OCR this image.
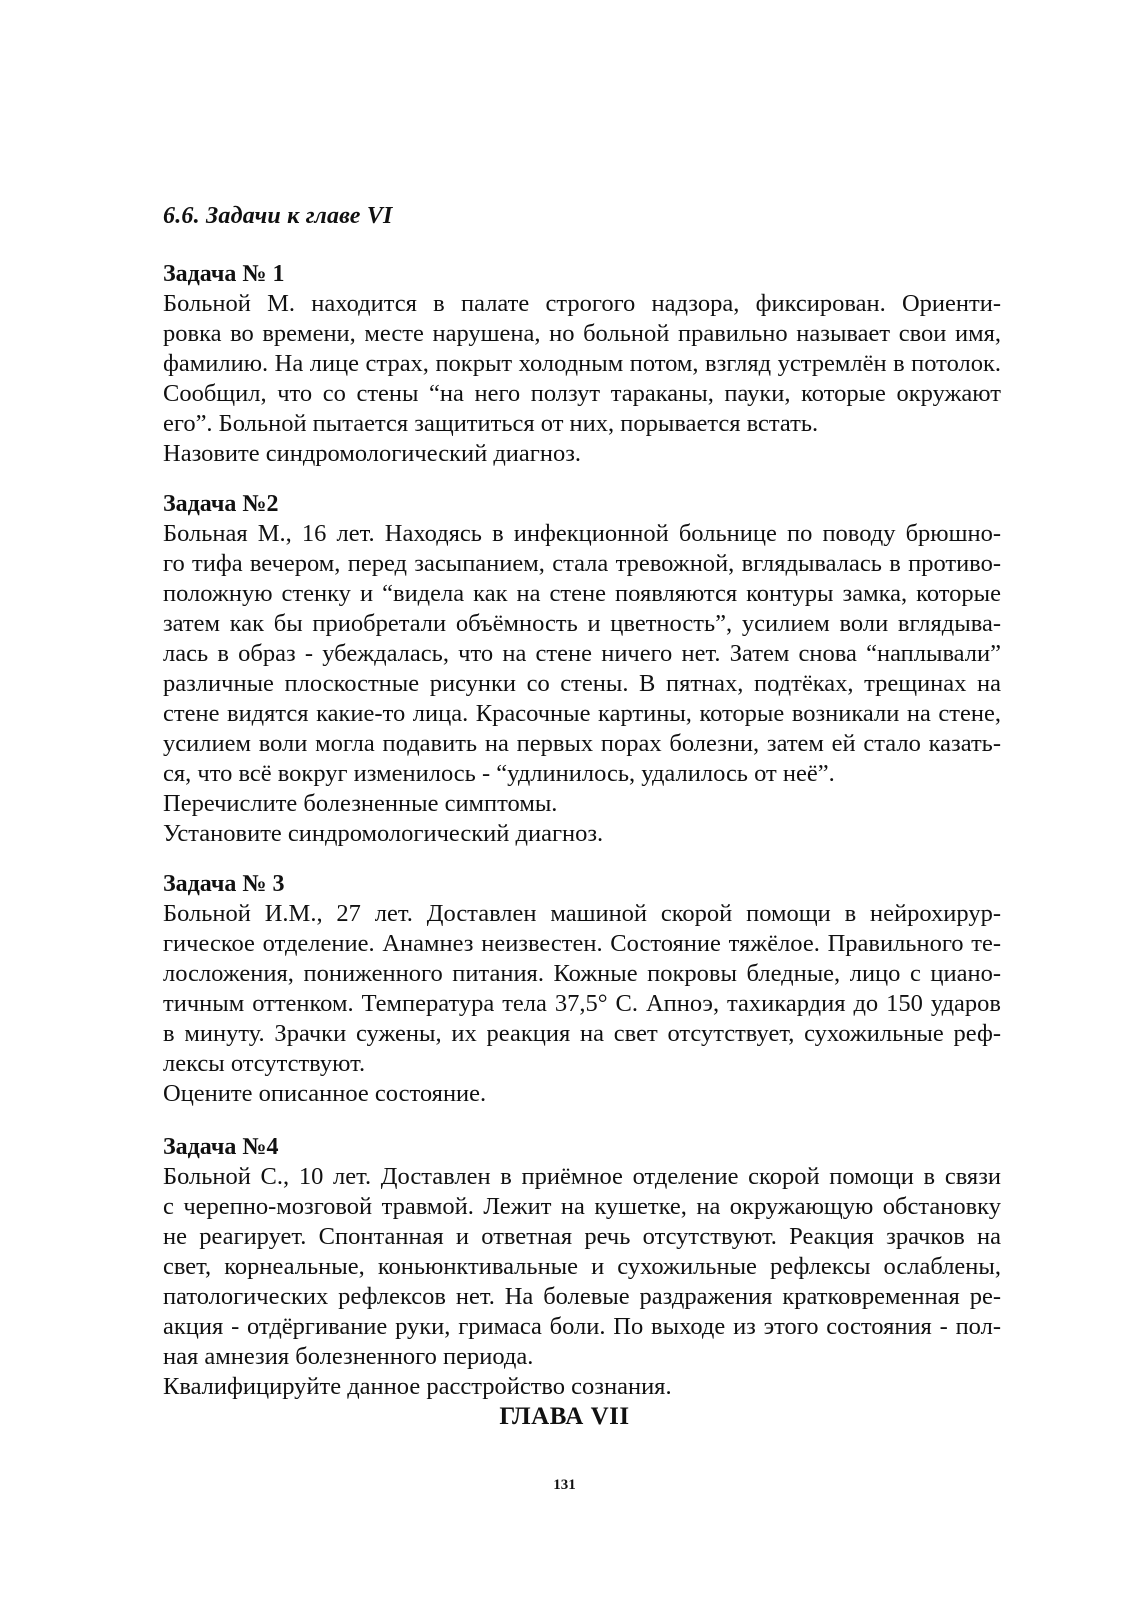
6.6. Задачи к главе VI
Задача № 1
Больной М. находится в палате строгого надзора, фиксирован. Ориенти-
ровка во времени, месте нарушена, но больной правильно называет свои имя,
фамилию. На лице страх, покрыт холодным потом, взгляд устремлён в потолок.
Сообщил, что со стены “на него ползут тараканы, пауки, которые окружают
его”. Больной пытается защититься от них, порывается встать.
Назовите синдромологический диагноз.
Задача №2
Больная М., 16 лет. Находясь в инфекционной больнице по поводу брюшно-
го тифа вечером, перед засыпанием, стала тревожной, вглядывалась в противо-
положную стенку и “видела как на стене появляются контуры замка, которые
затем как бы приобретали объёмность и цветность”, усилием воли вглядыва-
лась в образ - убеждалась, что на стене ничего нет. Затем снова “наплывали”
различные плоскостные рисунки со стены. В пятнах, подтёках, трещинах на
стене видятся какие-то лица. Красочные картины, которые возникали на стене,
усилием воли могла подавить на первых порах болезни, затем ей стало казать-
ся, что всё вокруг изменилось - “удлинилось, удалилось от неё”.
Перечислите болезненные симптомы.
Установите синдромологический диагноз.
Задача № 3
Больной И.М., 27 лет. Доставлен машиной скорой помощи в нейрохирур-
гическое отделение. Анамнез неизвестен. Состояние тяжёлое. Правильного те-
лосложения, пониженного питания. Кожные покровы бледные, лицо с циано-
тичным оттенком. Температура тела 37,5° С. Апноэ, тахикардия до 150 ударов
в минуту. Зрачки сужены, их реакция на свет отсутствует, сухожильные реф-
лексы отсутствуют.
Оцените описанное состояние.
Задача №4
Больной С., 10 лет. Доставлен в приёмное отделение скорой помощи в связи
с черепно-мозговой травмой. Лежит на кушетке, на окружающую обстановку
не реагирует. Спонтанная и ответная речь отсутствуют. Реакция зрачков на
свет, корнеальные, коньюнктивальные и сухожильные рефлексы ослаблены,
патологических рефлексов нет. На болевые раздражения кратковременная ре-
акция - отдёргивание руки, гримаса боли. По выходе из этого состояния - пол-
ная амнезия болезненного периода.
Квалифицируйте данное расстройство сознания.
ГЛАВА VII
131
